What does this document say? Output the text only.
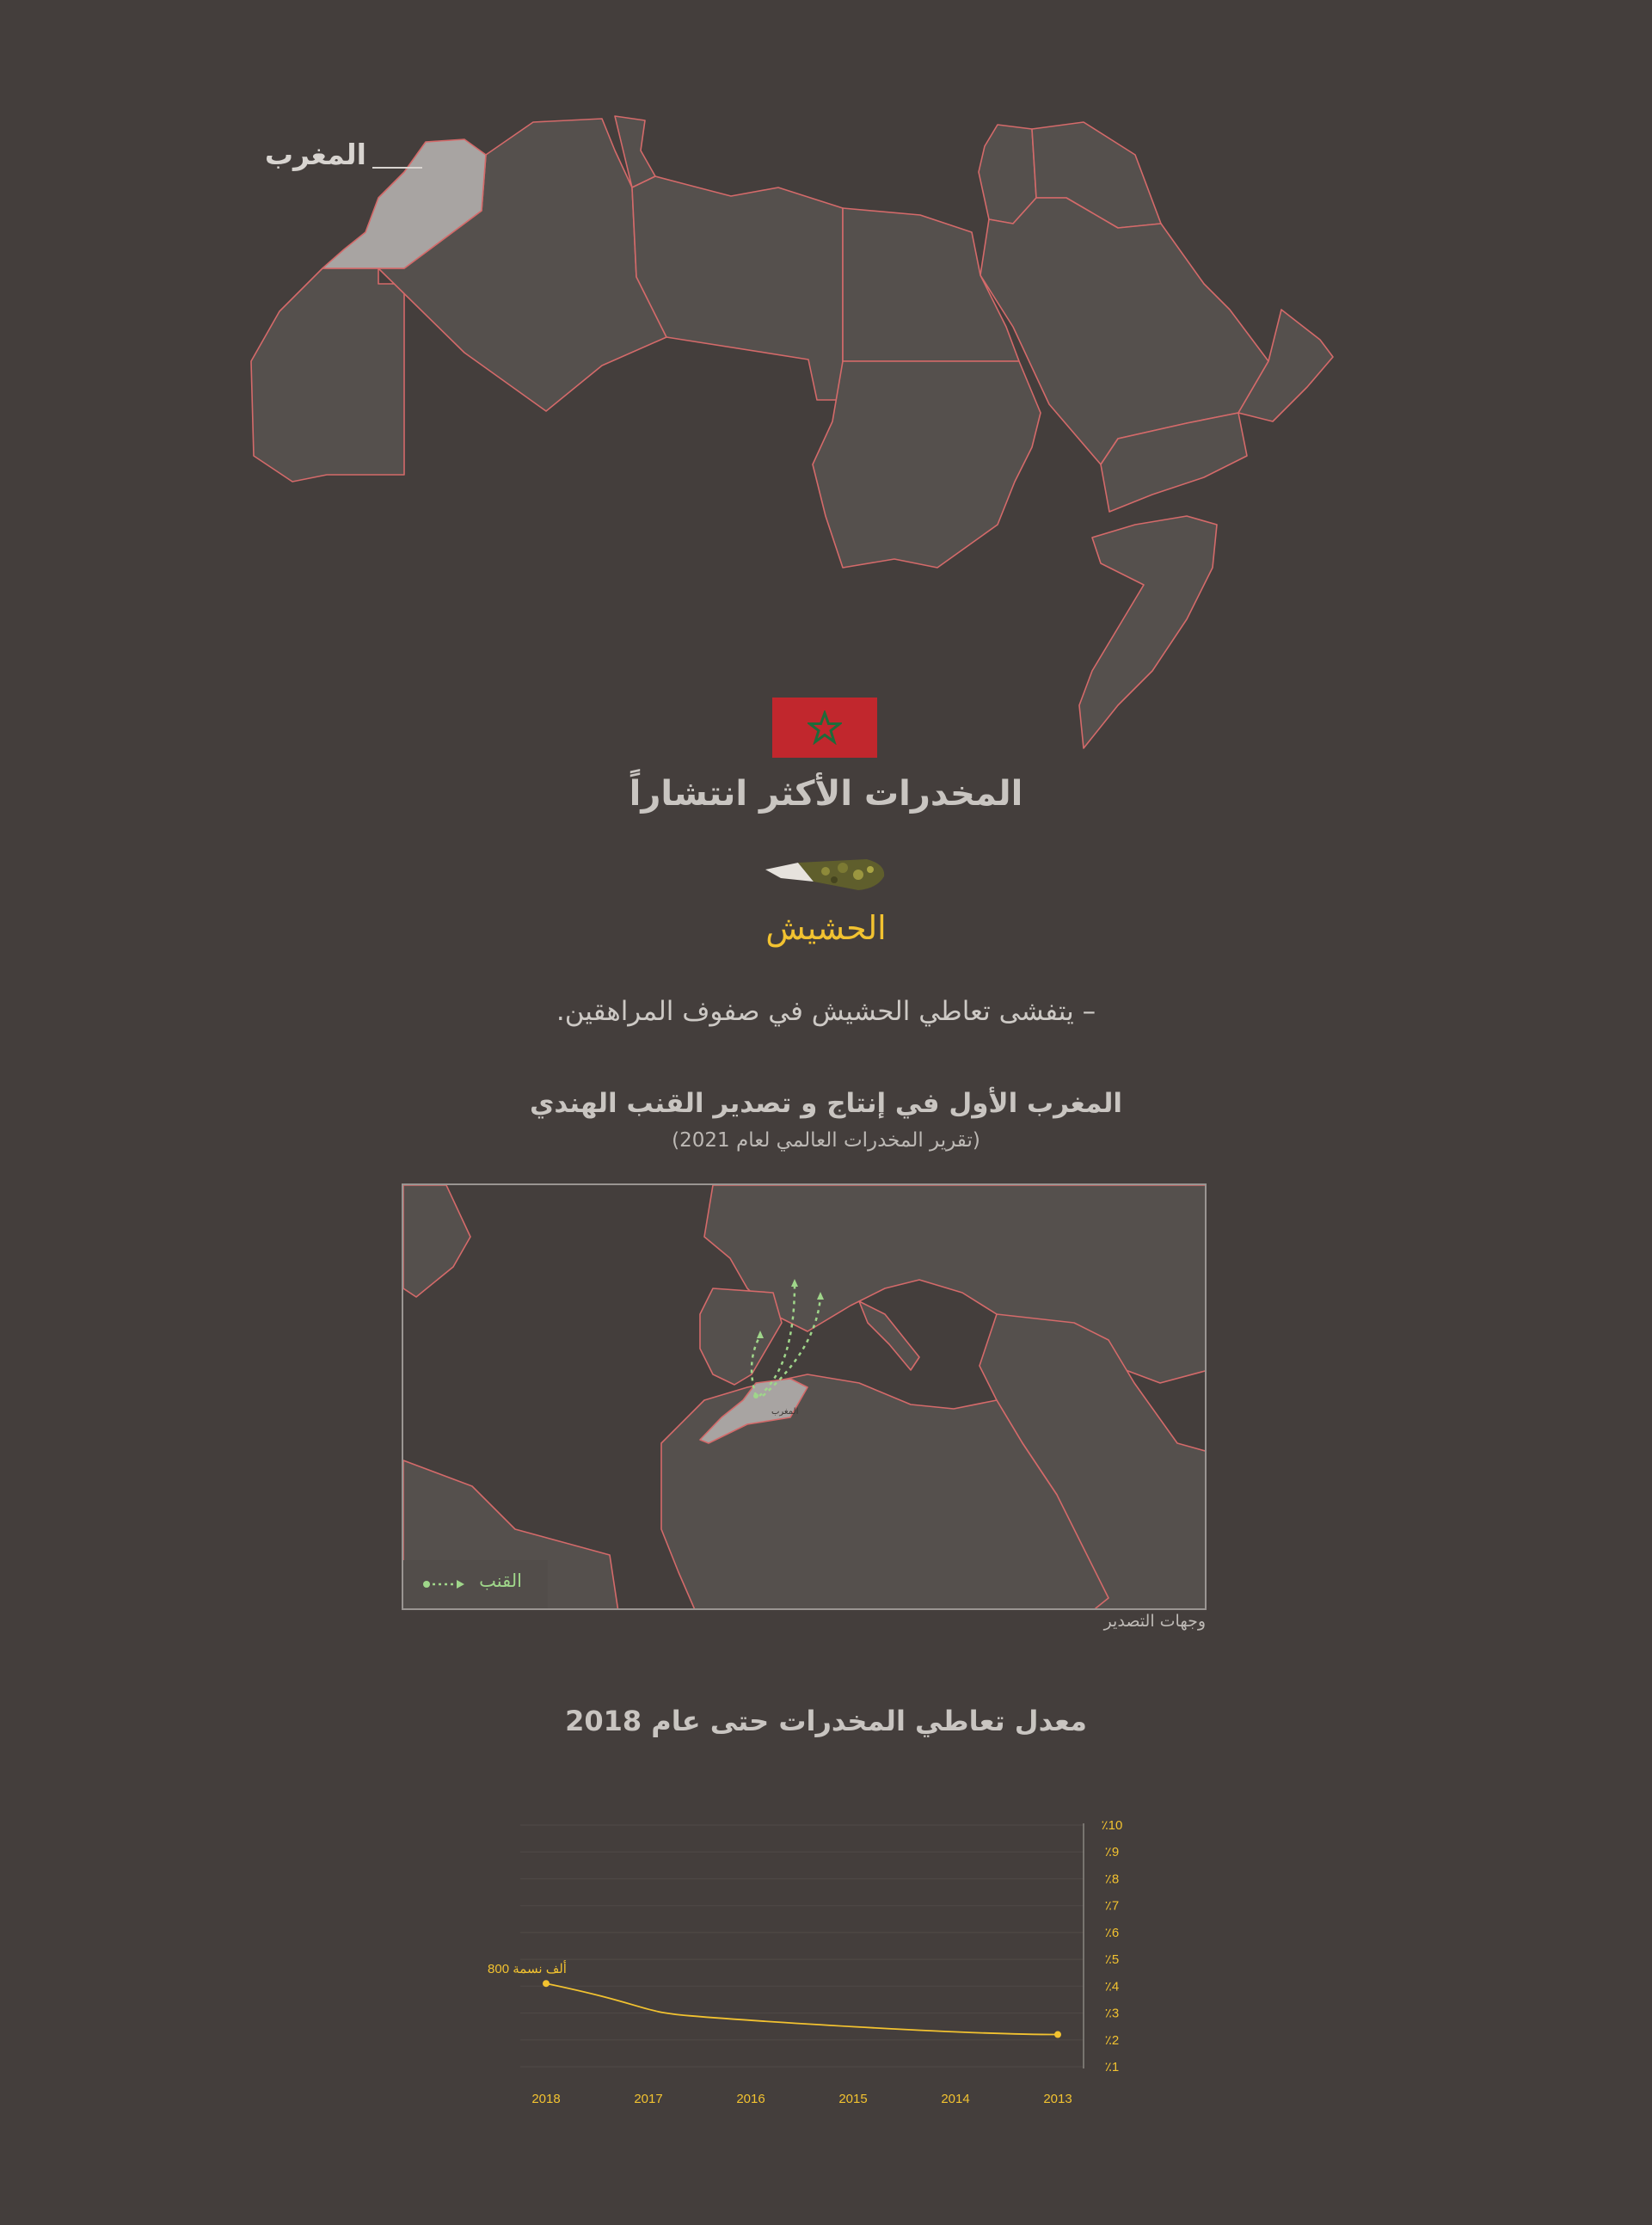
المغرب
المخدرات الأكثر انتشاراً
الحشيش
– يتفشى تعاطي الحشيش في صفوف المراهقين.
المغرب الأول في إنتاج و تصدير القنب الهندي
(تقرير المخدرات العالمي لعام 2021)
المغرب
القنب
وجهات التصدير
معدل تعاطي المخدرات حتى عام 2018
٪10
٪9
٪8
٪7
٪6
٪5
٪4
٪3
٪2
٪1
2018	2017	2016	2015	2014	2013
800 ألف نسمة
